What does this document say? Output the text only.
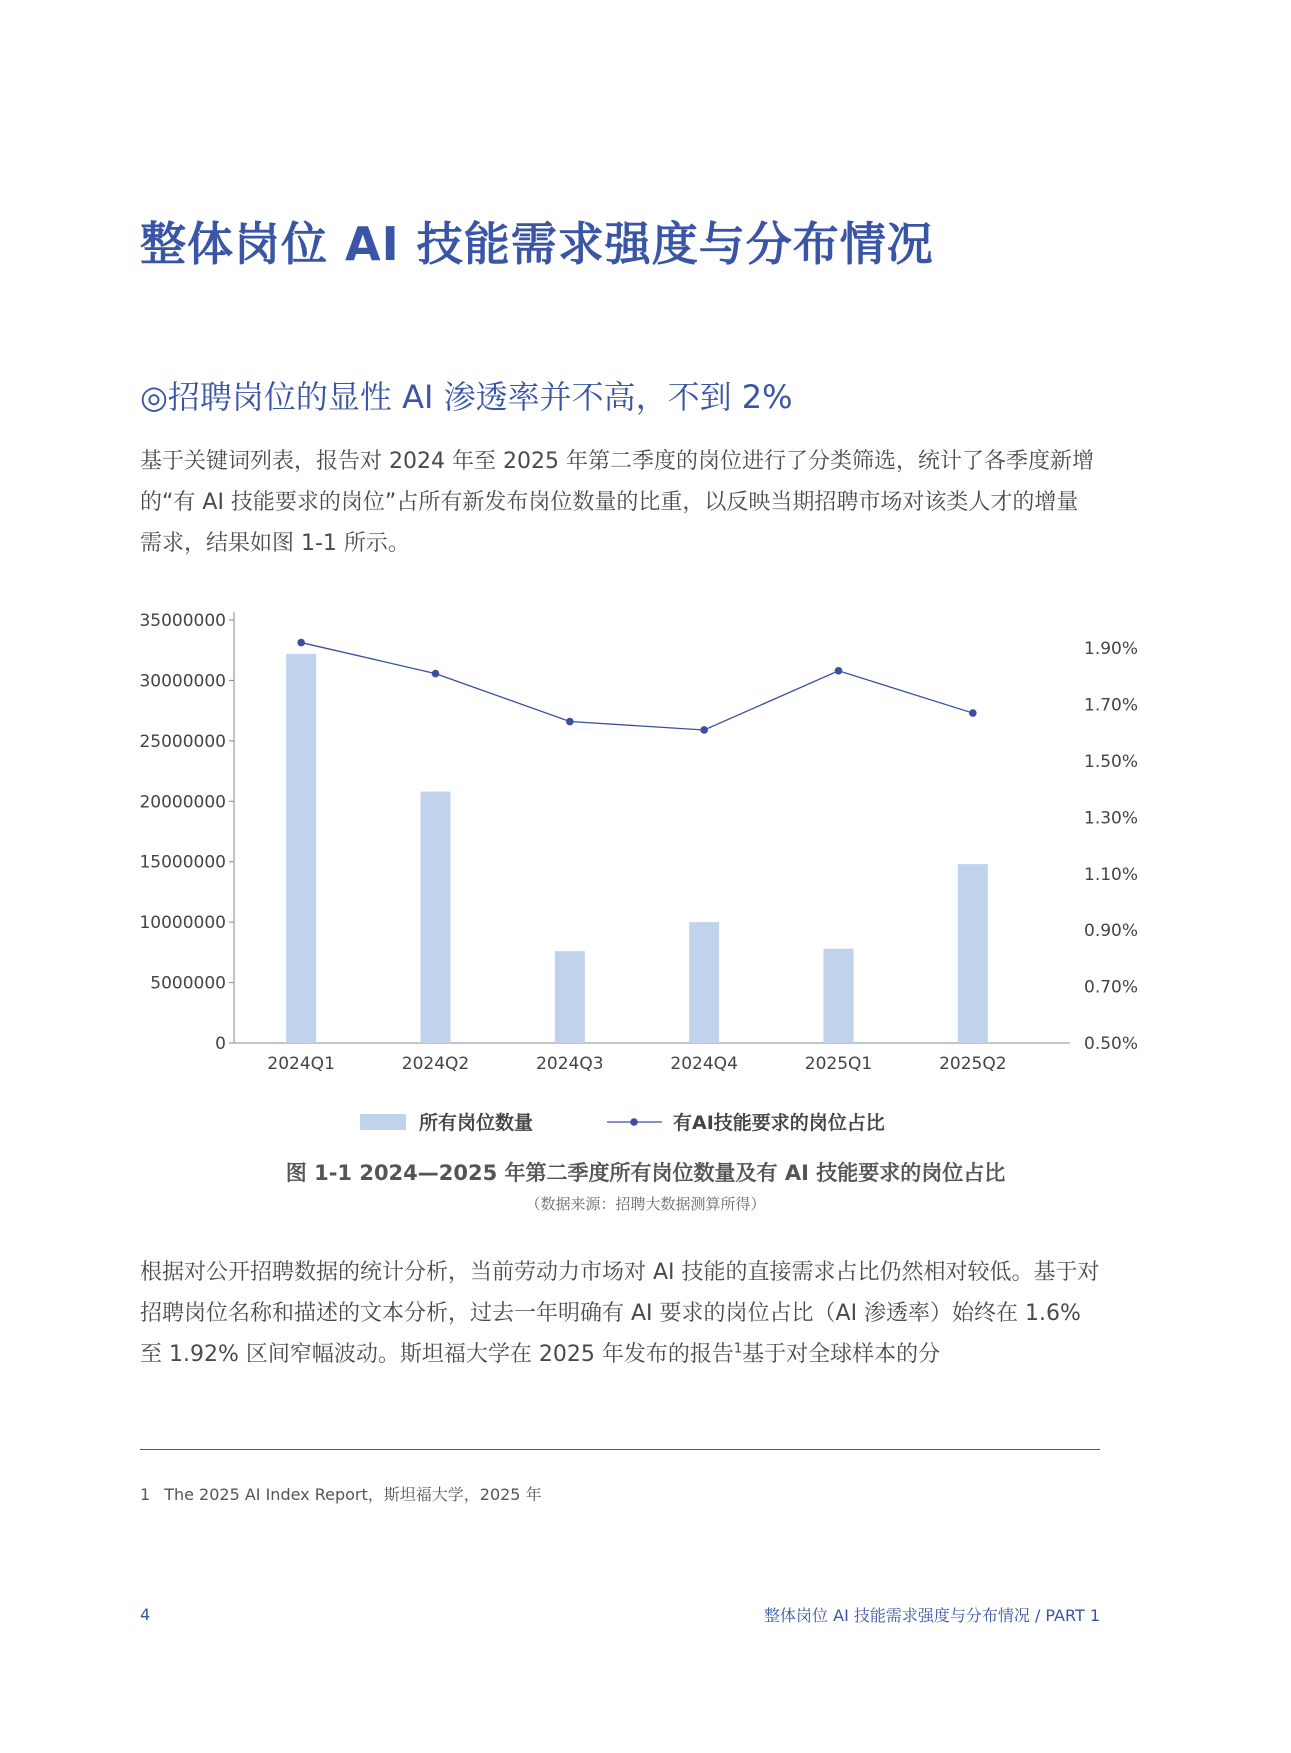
整体岗位 AI 技能需求强度与分布情况
◎招聘岗位的显性 AI 渗透率并不高，不到 2%

基于关键词列表，报告对 2024 年至 2025 年第二季度的岗位进行了分类筛选，统计了各季度新增的“有 AI 技能要求的岗位”占所有新发布岗位数量的比重，以反映当期招聘市场对该类人才的增量需求，结果如图 1-1 所示。

0
5000000
10000000
15000000
20000000
25000000
30000000
35000000
0.50%
0.70%
0.90%
1.10%
1.30%
1.50%
1.70%
1.90%
2024Q1	2024Q2	2024Q3	2024Q4	2025Q1	2025Q2
所有岗位数量	有AI技能要求的岗位占比

图 1-1 2024—2025 年第二季度所有岗位数量及有 AI 技能要求的岗位占比

（数据来源：招聘大数据测算所得）

根据对公开招聘数据的统计分析，当前劳动力市场对 AI 技能的直接需求占比仍然相对较低。基于对招聘岗位名称和描述的文本分析，过去一年明确有 AI 要求的岗位占比（AI 渗透率）始终在 1.6% 至 1.92% 区间窄幅波动。斯坦福大学在 2025 年发布的报告$^1$基于对全球样本的分

1 The 2025 AI Index Report，斯坦福大学，2025 年
4	整体岗位 AI 技能需求强度与分布情况 / PART 1
